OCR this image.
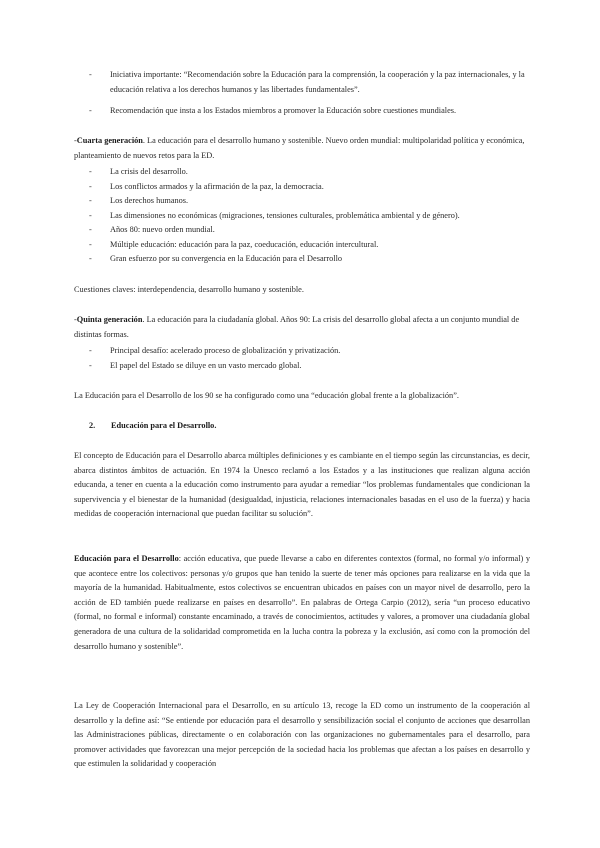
-	Iniciativa importante: “Recomendación sobre la Educación para la comprensión, la cooperación y la paz internacionales, y la educación relativa a los derechos humanos y las libertades fundamentales”.

-	Recomendación que insta a los Estados miembros a promover la Educación sobre cuestiones mundiales.

-Cuarta generación. La educación para el desarrollo humano y sostenible. Nuevo orden mundial: multipolaridad política y económica, planteamiento de nuevos retos para la ED.

-	La crisis del desarrollo.

-	Los conflictos armados y la afirmación de la paz, la democracia.

-	Los derechos humanos.

-	Las dimensiones no económicas (migraciones, tensiones culturales, problemática ambiental y de género).

-	Años 80: nuevo orden mundial.

-	Múltiple educación: educación para la paz, coeducación, educación intercultural.

-	Gran esfuerzo por su convergencia en la Educación para el Desarrollo

Cuestiones claves: interdependencia, desarrollo humano y sostenible.

-Quinta generación. La educación para la ciudadanía global. Años 90: La crisis del desarrollo global afecta a un conjunto mundial de distintas formas.

-	Principal desafío: acelerado proceso de globalización y privatización.

-	El papel del Estado se diluye en un vasto mercado global.

La Educación para el Desarrollo de los 90 se ha configurado como una “educación global frente a la globalización”.

2. Educación para el Desarrollo.

El concepto de Educación para el Desarrollo abarca múltiples definiciones y es cambiante en el tiempo según las circunstancias, es decir, abarca distintos ámbitos de actuación. En 1974 la Unesco reclamó a los Estados y a las instituciones que realizan alguna acción educanda, a tener en cuenta a la educación como instrumento para ayudar a remediar “los problemas fundamentales que condicionan la supervivencia y el bienestar de la humanidad (desigualdad, injusticia, relaciones internacionales basadas en el uso de la fuerza) y hacia medidas de cooperación internacional que puedan facilitar su solución”.

Educación para el Desarrollo: acción educativa, que puede llevarse a cabo en diferentes contextos (formal, no formal y/o informal) y que acontece entre los colectivos: personas y/o grupos que han tenido la suerte de tener más opciones para realizarse en la vida que la mayoría de la humanidad. Habitualmente, estos colectivos se encuentran ubicados en países con un mayor nivel de desarrollo, pero la acción de ED también puede realizarse en países en desarrollo”. En palabras de Ortega Carpio (2012), sería “un proceso educativo (formal, no formal e informal) constante encaminado, a través de conocimientos, actitudes y valores, a promover una ciudadanía global generadora de una cultura de la solidaridad comprometida en la lucha contra la pobreza y la exclusión, así como con la promoción del desarrollo humano y sostenible”.

La Ley de Cooperación Internacional para el Desarrollo, en su artículo 13, recoge la ED como un instrumento de la cooperación al desarrollo y la define así: “Se entiende por educación para el desarrollo y sensibilización social el conjunto de acciones que desarrollan las Administraciones públicas, directamente o en colaboración con las organizaciones no gubernamentales para el desarrollo, para promover actividades que favorezcan una mejor percepción de la sociedad hacia los problemas que afectan a los países en desarrollo y que estimulen la solidaridad y cooperación
